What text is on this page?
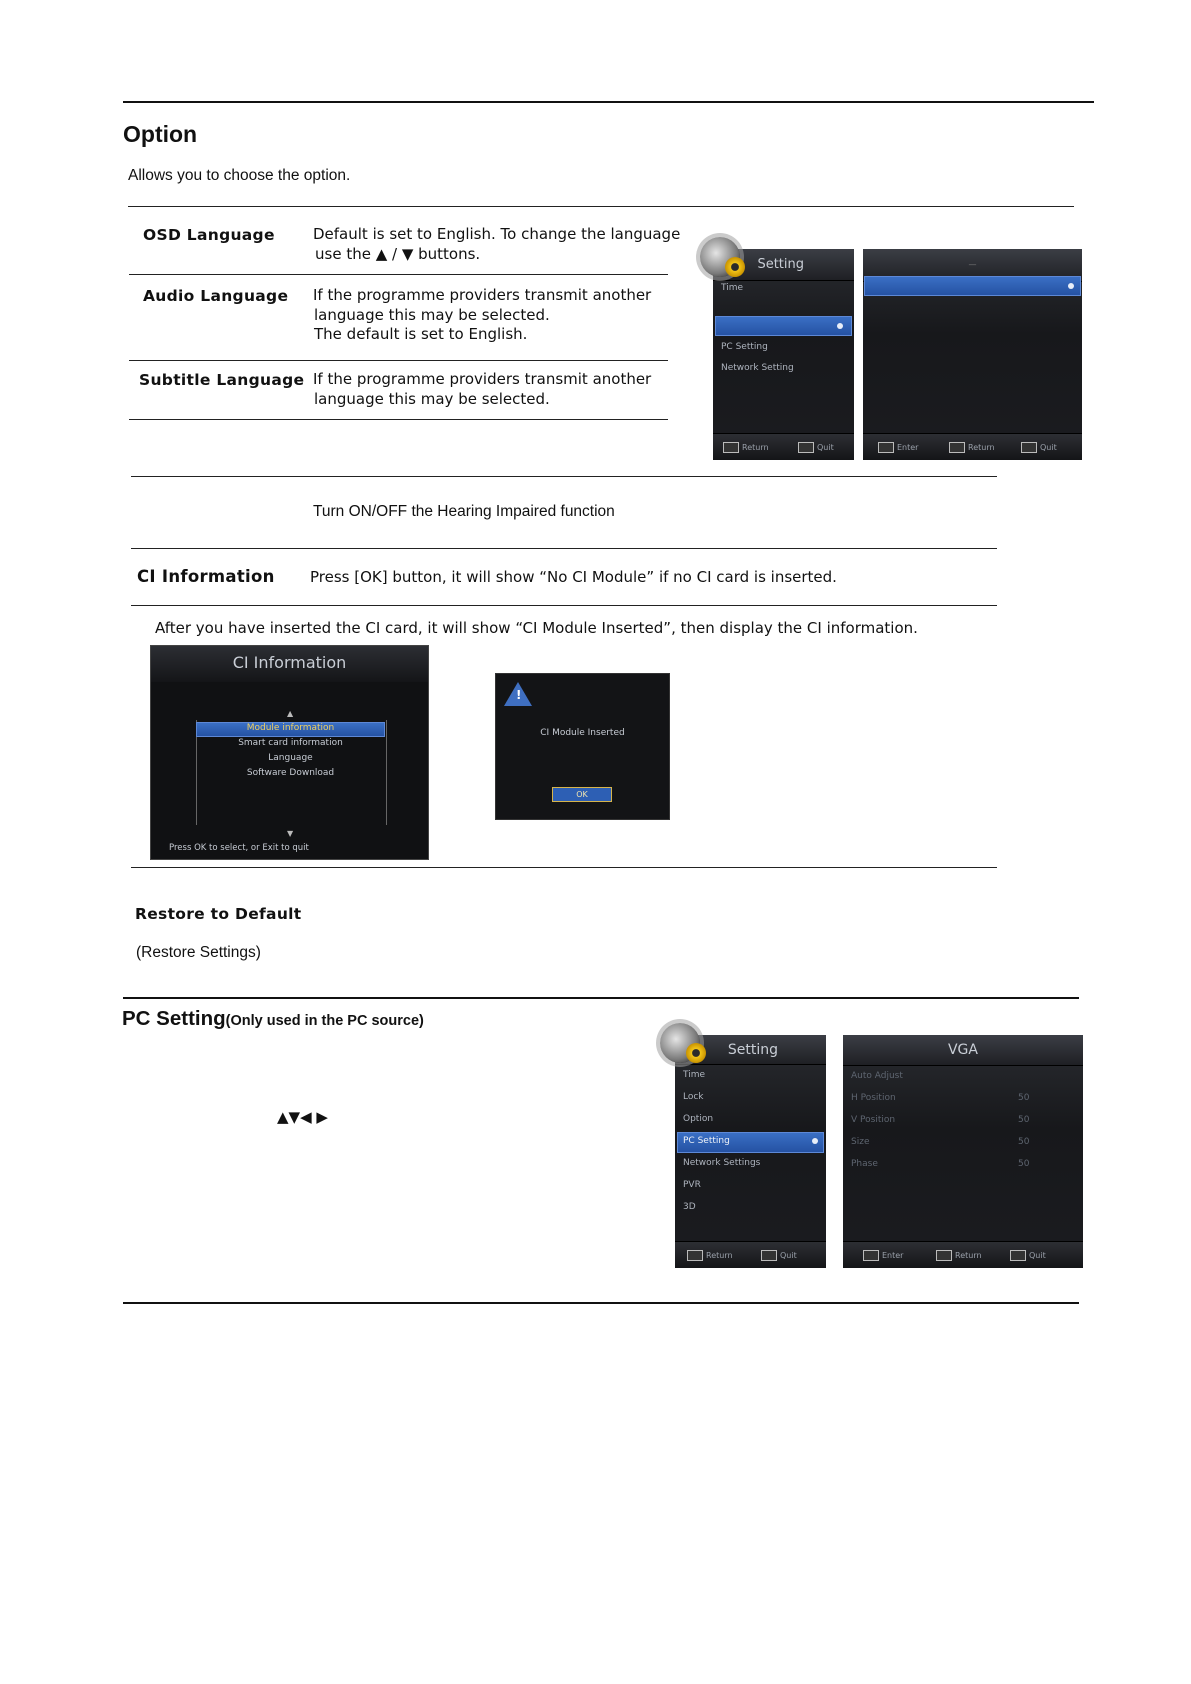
Option
Allows you to choose the option.
OSD Language	Default is set to English. To change the language
use the ▲ / ▼ buttons.
Audio Language If the programme providers transmit another
language this may be selected.
The default is set to English.
Subtitle Language If the programme providers transmit another
language this may be selected.
Setting
Time
PC Setting
Network Setting
Return	Quit
—
Enter	Return	Quit
Turn ON/OFF the Hearing Impaired function
CI Information Press [OK] button, it will show “No CI Module” if no CI card is inserted.
After you have inserted the CI card, it will show “CI Module Inserted”, then display the CI information.
CI Information
▲
Module information
Smart card information
Language
Software Download
▼
Press OK to select, or Exit to quit
!
CI Module Inserted
OK
Restore to Default
(Restore Settings)
PC Setting(Only used in the PC source)
▲▼◀ ▶
Setting
Time
Lock
Option
PC Setting
Network Settings
PVR
3D
Return	Quit
VGA
Auto Adjust
H Position	50
V Position	50
Size	50
Phase	50
Enter	Return	Quit
